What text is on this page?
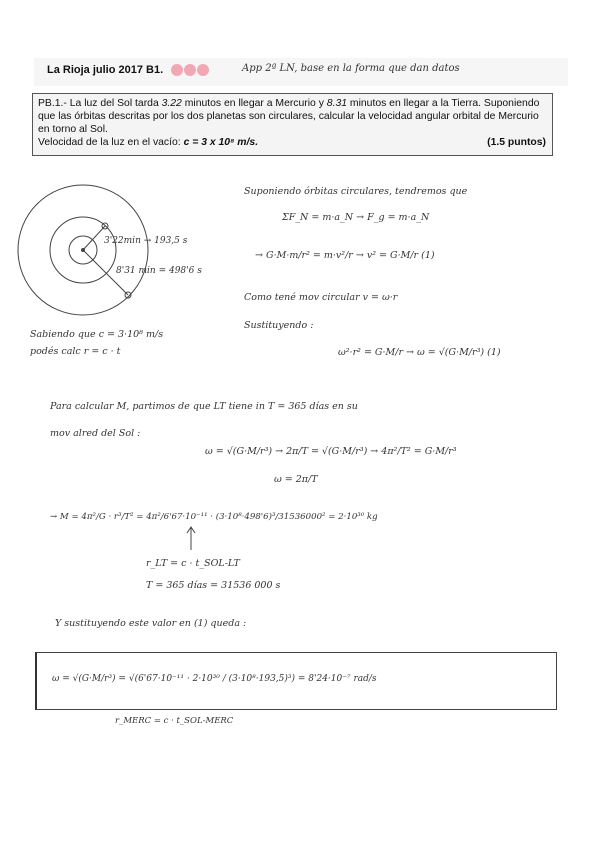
La Rioja julio 2017 B1.	App 2ª LN, base en la forma que dan datos
PB.1.- La luz del Sol tarda 3.22 minutos en llegar a Mercurio y 8.31 minutos en llegar a la Tierra. Suponiendo que las órbitas descritas por los dos planetas son circulares, calcular la velocidad angular orbital de Mercurio en torno al Sol.
Velocidad de la luz en el vacío: c = 3 x 10⁸ m/s.	(1.5 puntos)
3'22min → 193,5 s
8'31 min = 498'6 s
Sabiendo que c = 3·10⁸ m/s
podés calc r = c · t
Suponiendo órbitas circulares, tendremos que
ΣF_N = m·a_N → F_g = m·a_N
→ G·M·m/r² = m·v²/r → v² = G·M/r (1)
Como tené mov circular v = ω·r
Sustituyendo :
ω²·r² = G·M/r → ω = √(G·M/r³) (1)
Para calcular M, partimos de que LT tiene in T = 365 días en su
mov alred del Sol :
ω = √(G·M/r³) → 2π/T = √(G·M/r³) → 4π²/T² = G·M/r³
ω = 2π/T
→ M = 4π²/G · r³/T² = 4π²/6'67·10⁻¹¹ · (3·10⁸·498'6)³/31536000² = 2·10³⁰ kg
r_LT = c · t_SOL-LT
T = 365 días = 31536 000 s
Y sustituyendo este valor en (1) queda :
ω = √(G·M/r³) = √(6'67·10⁻¹¹ · 2·10³⁰ / (3·10⁸·193,5)³) = 8'24·10⁻⁷ rad/s
r_MERC = c · t_SOL-MERC
